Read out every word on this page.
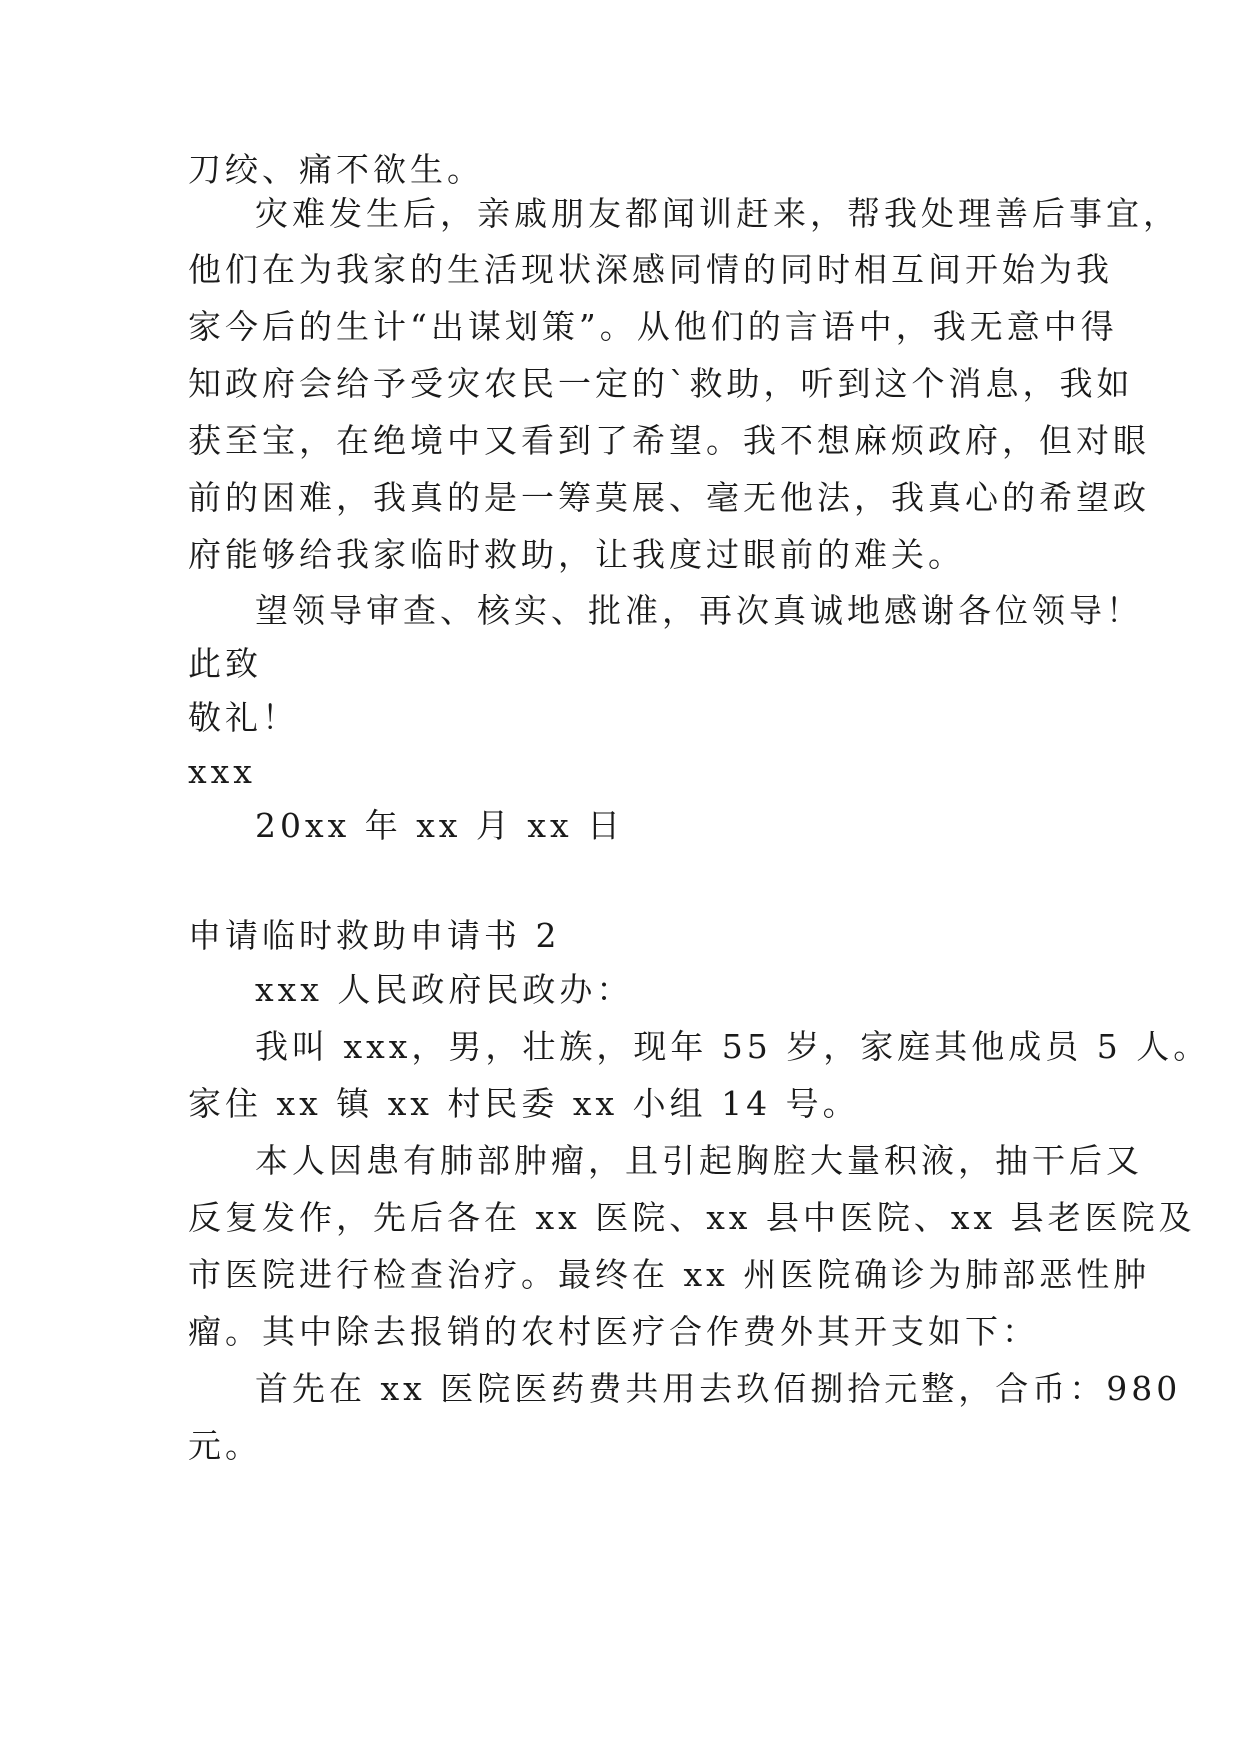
刀绞、痛不欲生。
灾难发生后，亲戚朋友都闻训赶来，帮我处理善后事宜，
他们在为我家的生活现状深感同情的同时相互间开始为我
家今后的生计“出谋划策”。从他们的言语中，我无意中得
知政府会给予受灾农民一定的`救助，听到这个消息，我如
获至宝，在绝境中又看到了希望。我不想麻烦政府，但对眼
前的困难，我真的是一筹莫展、毫无他法，我真心的希望政
府能够给我家临时救助，让我度过眼前的难关。
望领导审查、核实、批准，再次真诚地感谢各位领导！
此致
敬礼！
xxx
20xx 年 xx 月 xx 日
申请临时救助申请书 2
xxx 人民政府民政办：
我叫 xxx，男，壮族，现年 55 岁，家庭其他成员 5 人。
家住 xx 镇 xx 村民委 xx 小组 14 号。
本人因患有肺部肿瘤，且引起胸腔大量积液，抽干后又
反复发作，先后各在 xx 医院、xx 县中医院、xx 县老医院及
市医院进行检查治疗。最终在 xx 州医院确诊为肺部恶性肿
瘤。其中除去报销的农村医疗合作费外其开支如下：
首先在 xx 医院医药费共用去玖佰捌拾元整，合币：980
元。
